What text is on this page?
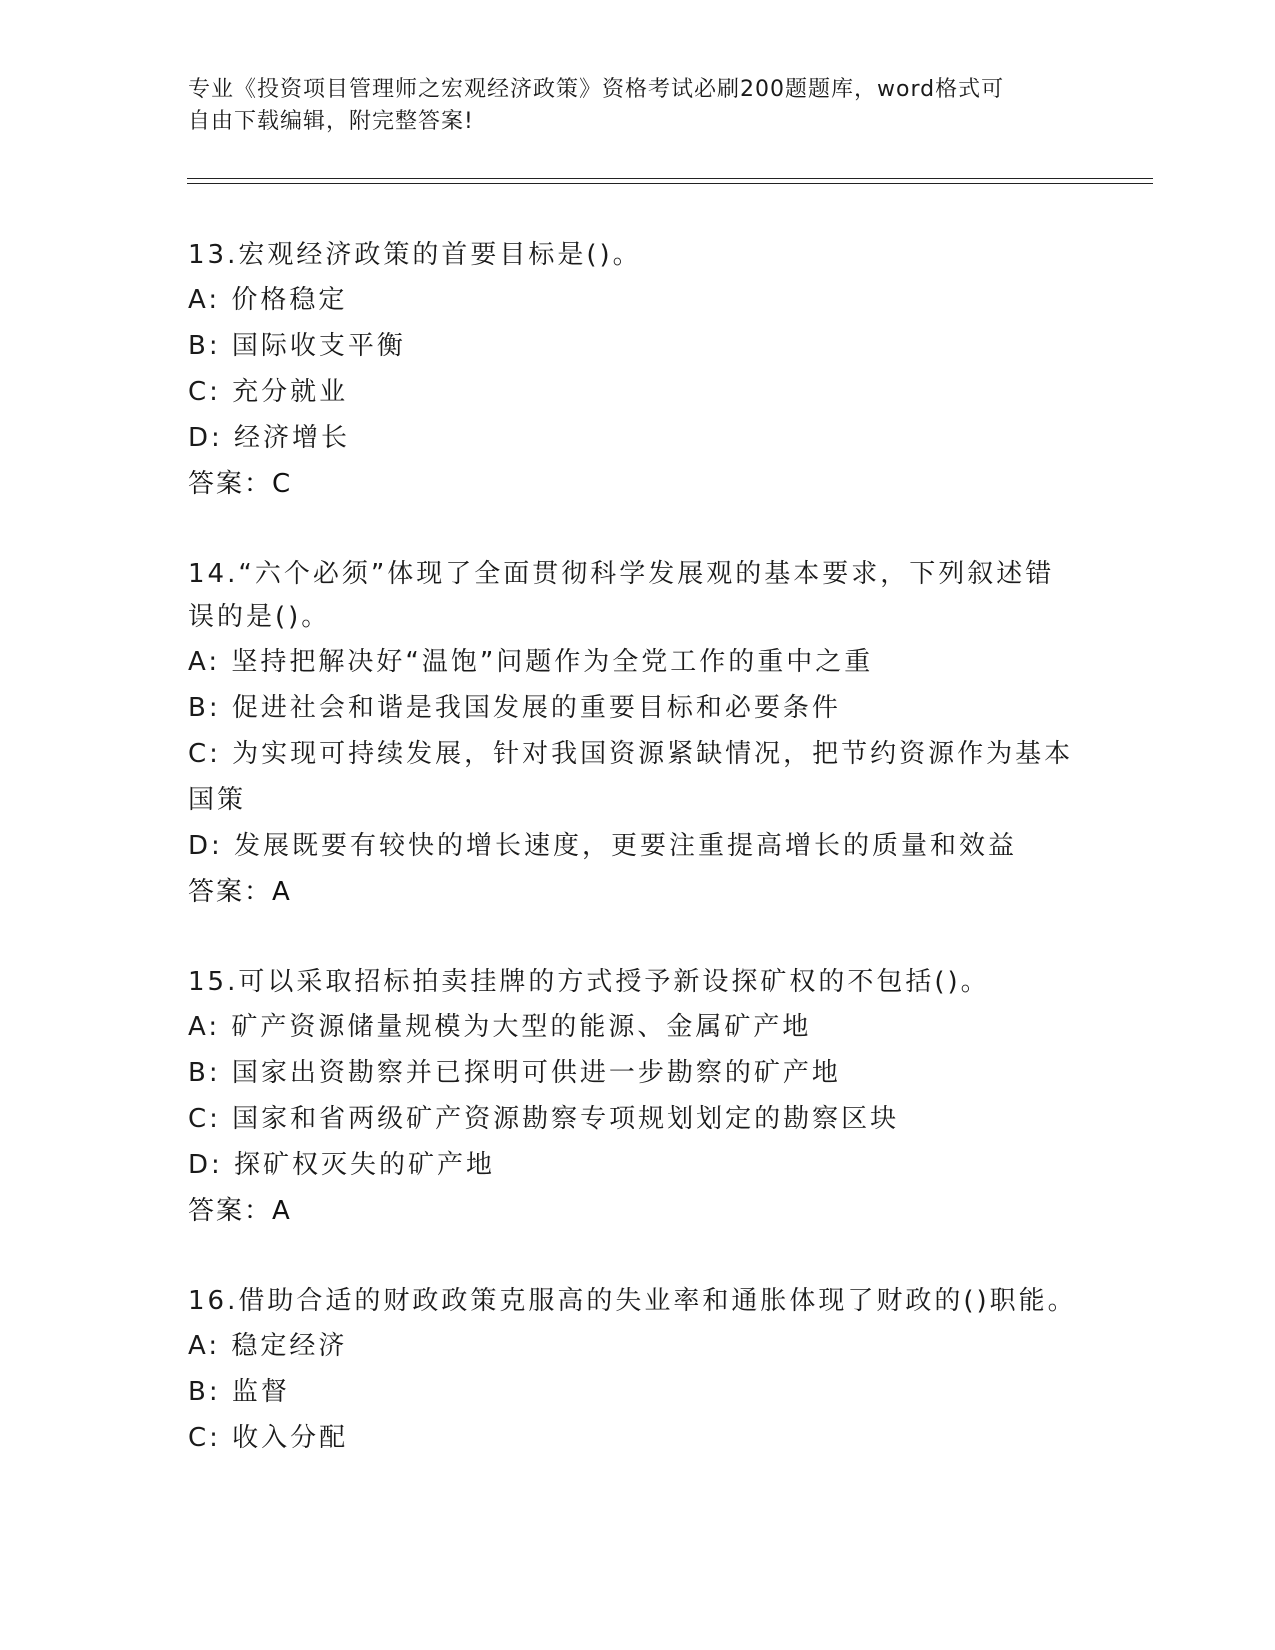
专业《投资项目管理师之宏观经济政策》资格考试必刷200题题库，word格式可
自由下载编辑，附完整答案!
13.宏观经济政策的首要目标是()。
A: 价格稳定
B: 国际收支平衡
C: 充分就业
D: 经济增长
答案：C
14.“六个必须”体现了全面贯彻科学发展观的基本要求，下列叙述错误的是()。
A: 坚持把解决好“温饱”问题作为全党工作的重中之重
B: 促进社会和谐是我国发展的重要目标和必要条件
C: 为实现可持续发展，针对我国资源紧缺情况，把节约资源作为基本国策
D: 发展既要有较快的增长速度，更要注重提高增长的质量和效益
答案：A
15.可以采取招标拍卖挂牌的方式授予新设探矿权的不包括()。
A: 矿产资源储量规模为大型的能源、金属矿产地
B: 国家出资勘察并已探明可供进一步勘察的矿产地
C: 国家和省两级矿产资源勘察专项规划划定的勘察区块
D: 探矿权灭失的矿产地
答案：A
16.借助合适的财政政策克服高的失业率和通胀体现了财政的()职能。
A: 稳定经济
B: 监督
C: 收入分配
